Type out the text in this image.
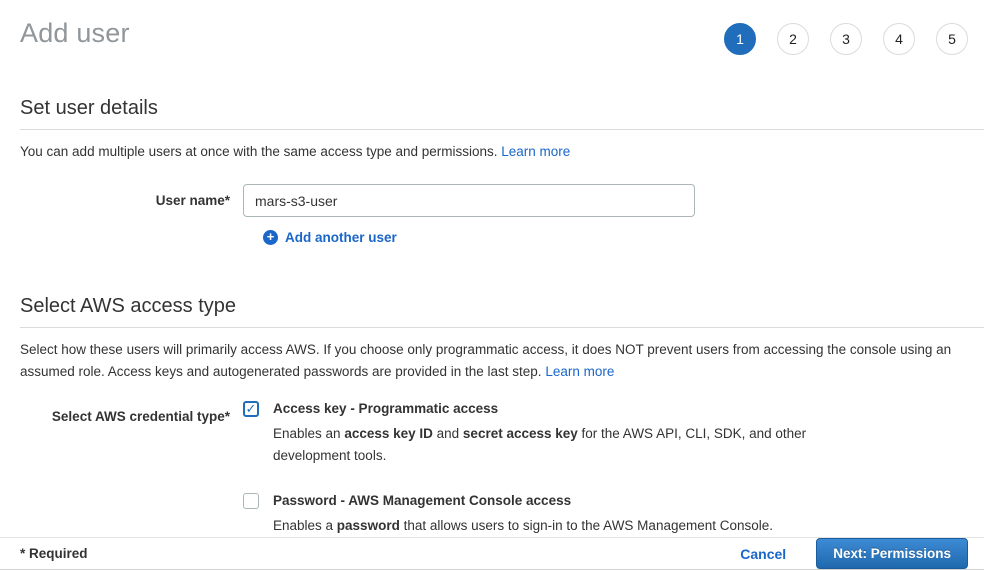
Add user	1	2	3	4	5
Set user details

You can add multiple users at once with the same access type and permissions. Learn more

User name*
mars-s3-user
+ Add another user
Select AWS access type

Select how these users will primarily access AWS. If you choose only programmatic access, it does NOT prevent users from accessing the console using an assumed role. Access keys and autogenerated passwords are provided in the last step. Learn more

Select AWS credential type*
✓ Access key - Programmatic access
Enables an access key ID and secret access key for the AWS API, CLI, SDK, and other development tools.
Password - AWS Management Console access
Enables a password that allows users to sign-in to the AWS Management Console.
* Required	Cancel	Next: Permissions
